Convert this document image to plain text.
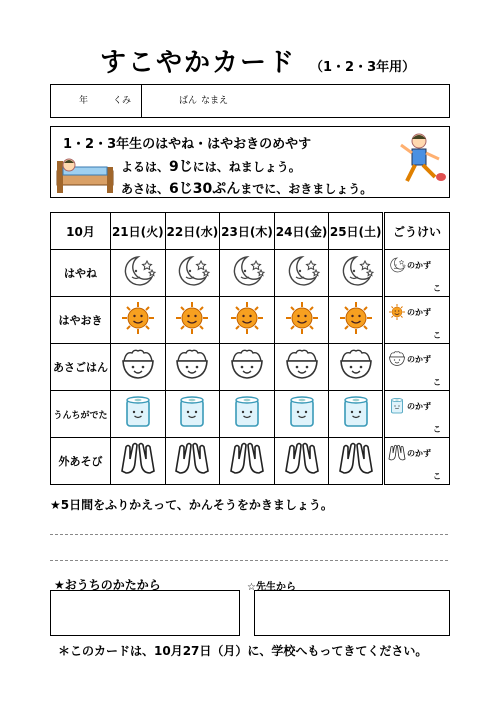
すこやかカード （1・2・3年用）
年	くみ	ばん なまえ
1・2・3年生のはやね・はやおきのめやす
よるは、9じには、ねましょう。
あさは、6じ30ぷんまでに、おきましょう。
10月	21日(火)	22日(水)	23日(木)	24日(金)	25日(土)	ごうけい
はやね						のかず
こ

はやおき						のかず
こ

あさごはん						のかず
こ

うんちがでた						のかず
こ

外あそび						のかず
こ
★5日間をふりかえって、かんそうをかきましょう。
★おうちのかたから	☆先生から
＊このカードは、10月27日（月）に、学校へもってきてください。
